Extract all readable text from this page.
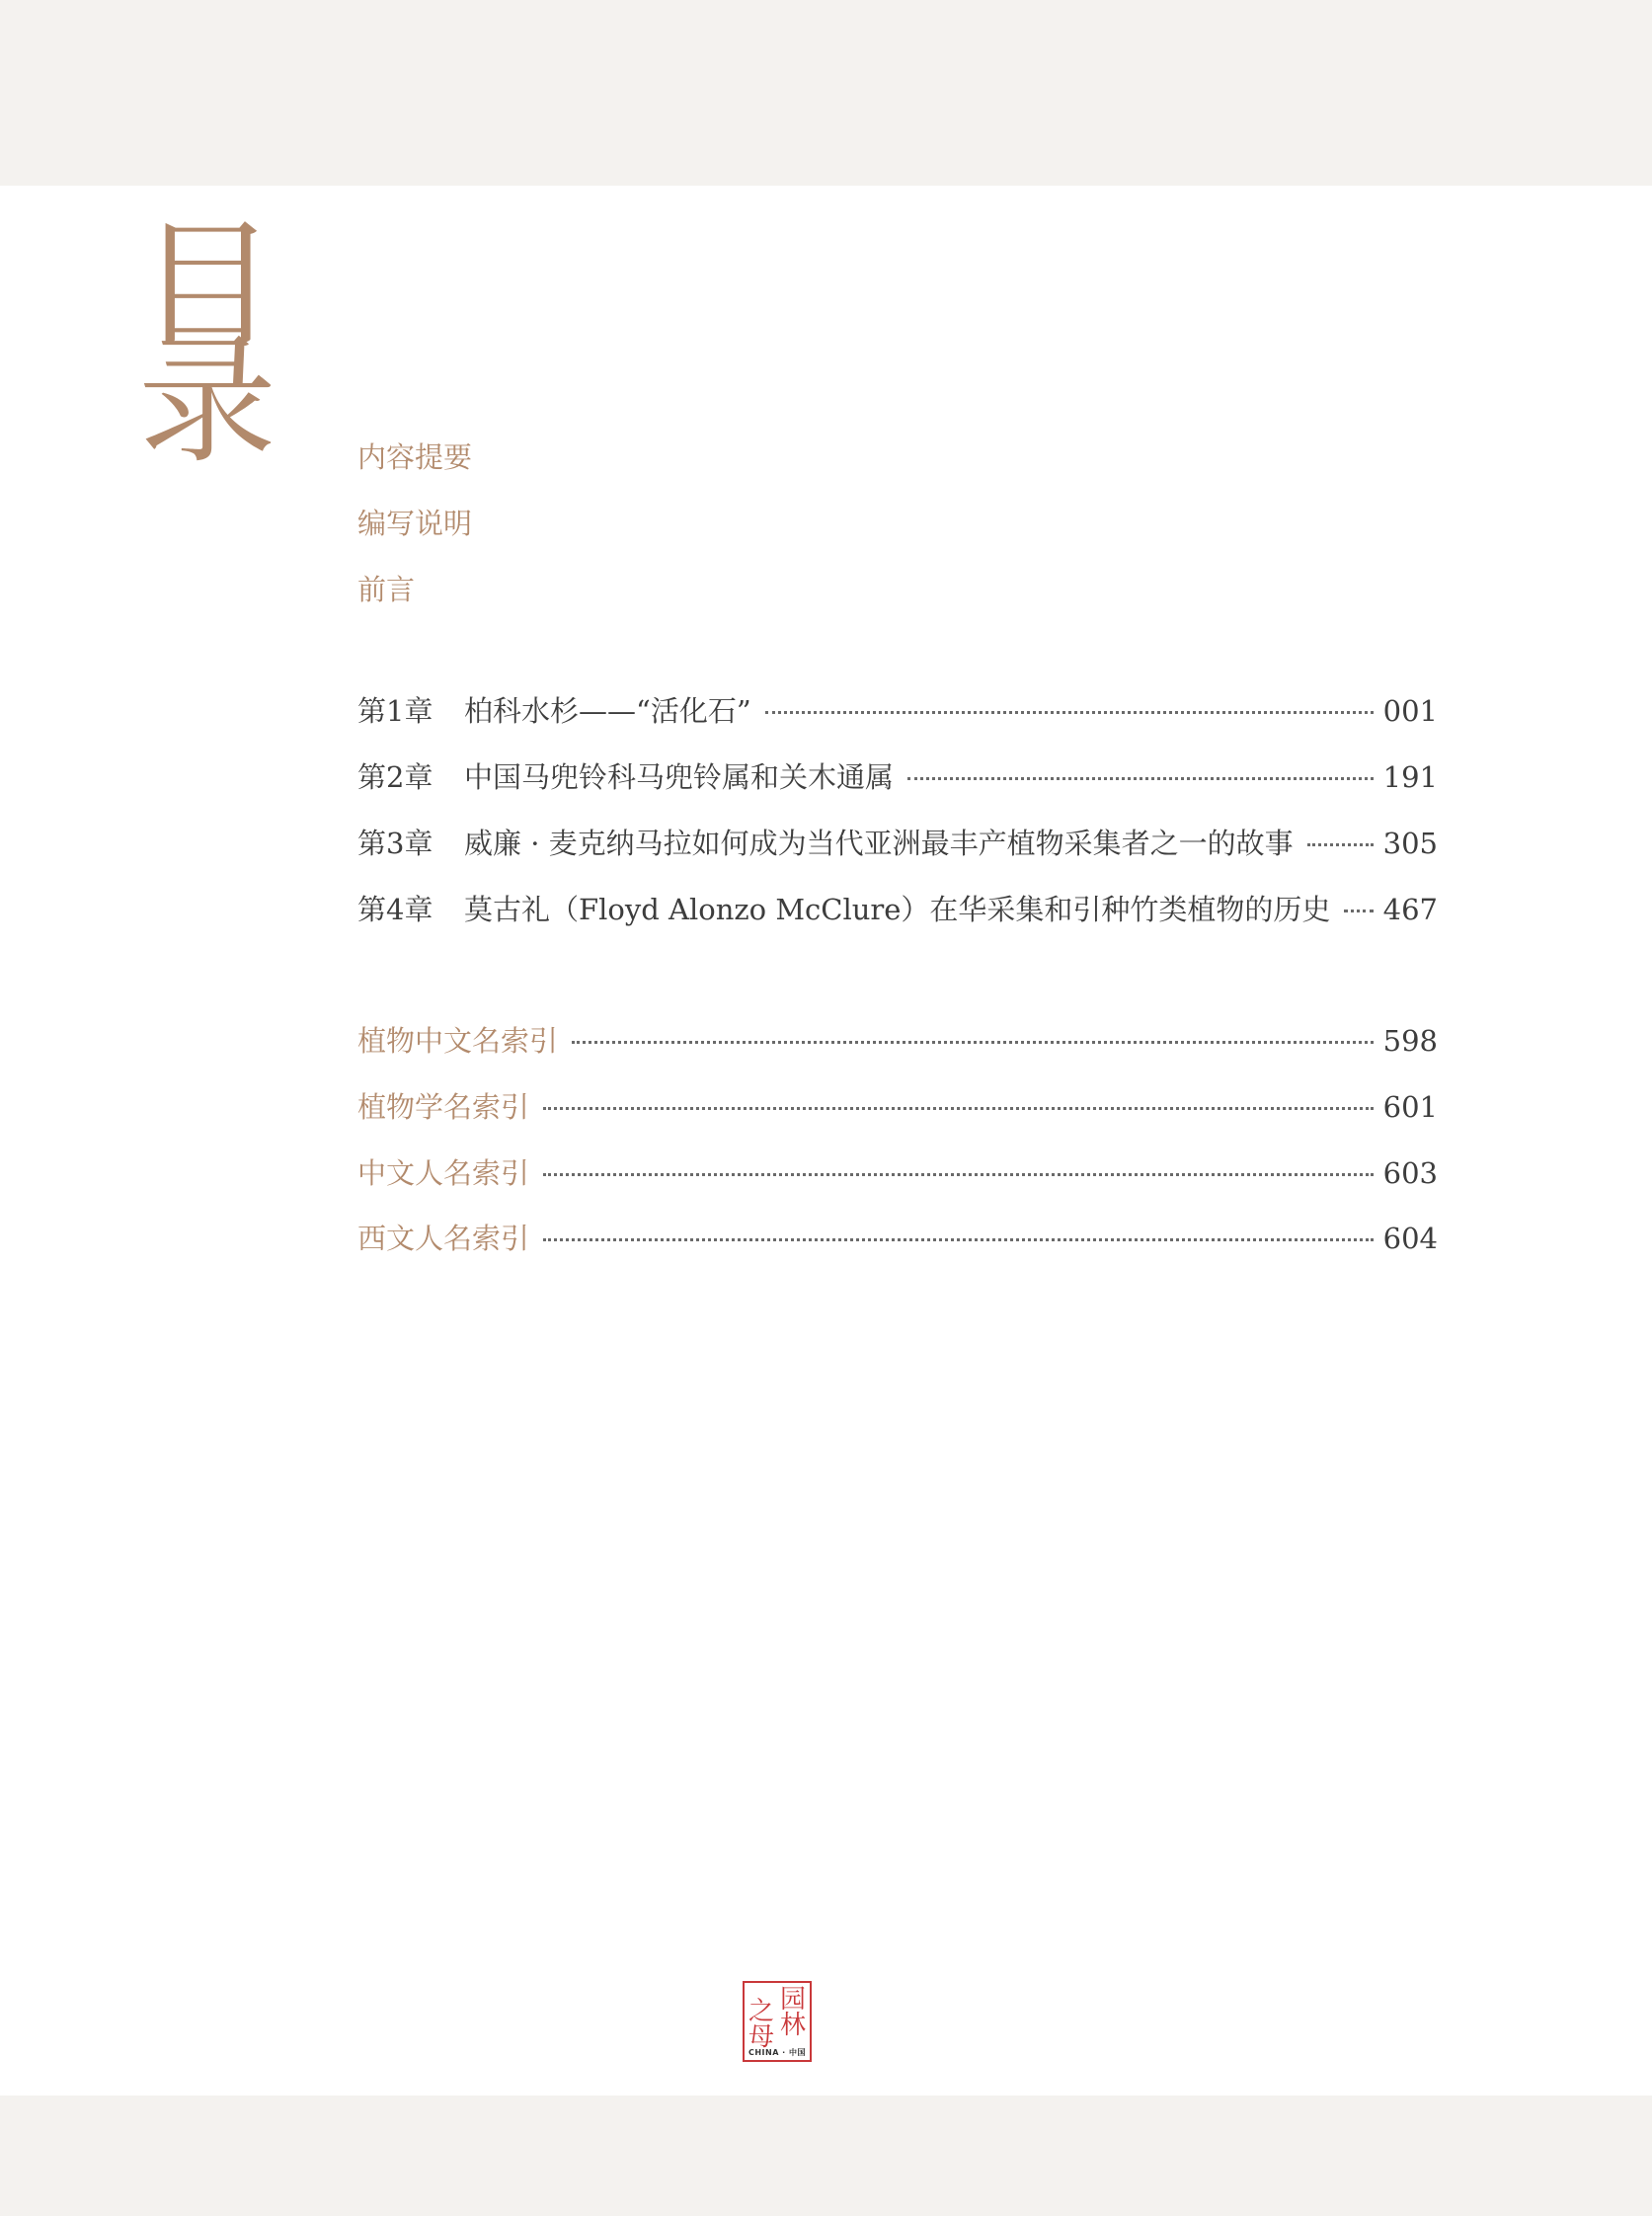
目
录	内容提要
编写说明
前言
第1章	柏科水杉——“活化石”	001
第2章	中国马兜铃科马兜铃属和关木通属	191
第3章	威廉 · 麦克纳马拉如何成为当代亚洲最丰产植物采集者之一的故事	305
第4章	莫古礼（Floyd Alonzo McClure）在华采集和引种竹类植物的历史 467
植物中文名索引	598
植物学名索引	601
中文人名索引	603
西文人名索引	604
园
之 林
母
CHINA · 中国
